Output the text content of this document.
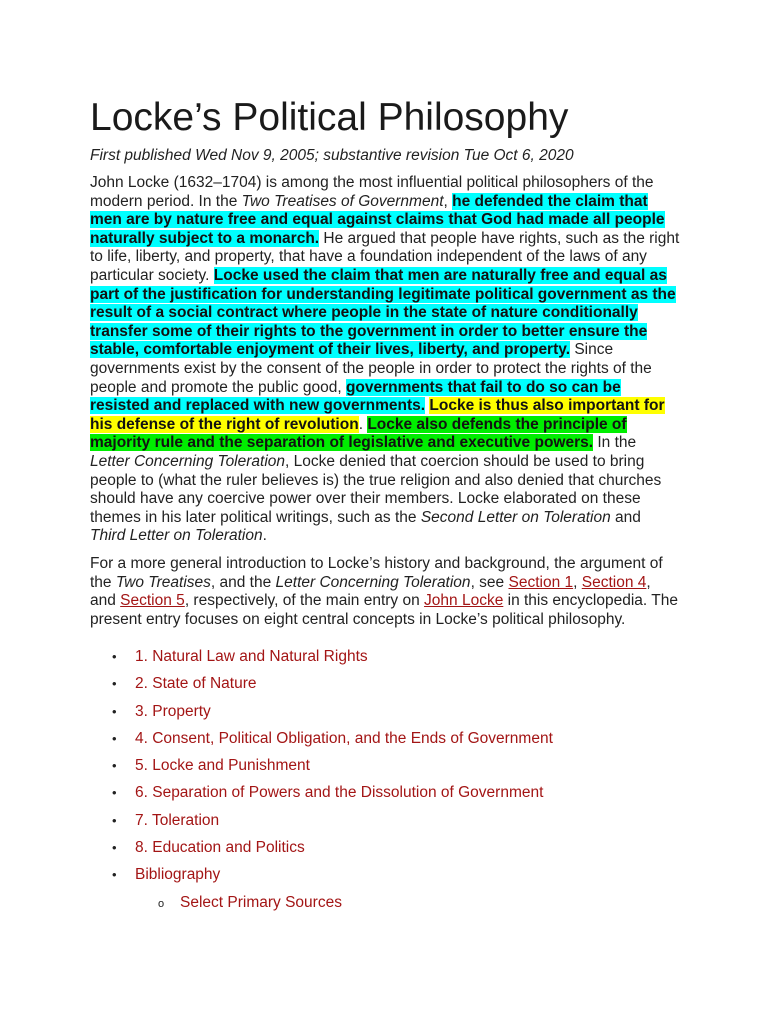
Locke’s Political Philosophy

First published Wed Nov 9, 2005; substantive revision Tue Oct 6, 2020

John Locke (1632–1704) is among the most influential political philosophers of the modern period. In the Two Treatises of Government, he defended the claim that men are by nature free and equal against claims that God had made all people naturally subject to a monarch. He argued that people have rights, such as the right to life, liberty, and property, that have a foundation independent of the laws of any particular society. Locke used the claim that men are naturally free and equal as part of the justification for understanding legitimate political government as the result of a social contract where people in the state of nature conditionally transfer some of their rights to the government in order to better ensure the stable, comfortable enjoyment of their lives, liberty, and property. Since governments exist by the consent of the people in order to protect the rights of the people and promote the public good, governments that fail to do so can be resisted and replaced with new governments. Locke is thus also important for his defense of the right of revolution. Locke also defends the principle of majority rule and the separation of legislative and executive powers. In the Letter Concerning Toleration, Locke denied that coercion should be used to bring people to (what the ruler believes is) the true religion and also denied that churches should have any coercive power over their members. Locke elaborated on these themes in his later political writings, such as the Second Letter on Toleration and Third Letter on Toleration.

For a more general introduction to Locke’s history and background, the argument of the Two Treatises, and the Letter Concerning Toleration, see Section 1, Section 4, and Section 5, respectively, of the main entry on John Locke in this encyclopedia. The present entry focuses on eight central concepts in Locke’s political philosophy.

• 1. Natural Law and Natural Rights
• 2. State of Nature
• 3. Property
• 4. Consent, Political Obligation, and the Ends of Government
• 5. Locke and Punishment
• 6. Separation of Powers and the Dissolution of Government
• 7. Toleration
• 8. Education and Politics
• Bibliography
o Select Primary Sources
